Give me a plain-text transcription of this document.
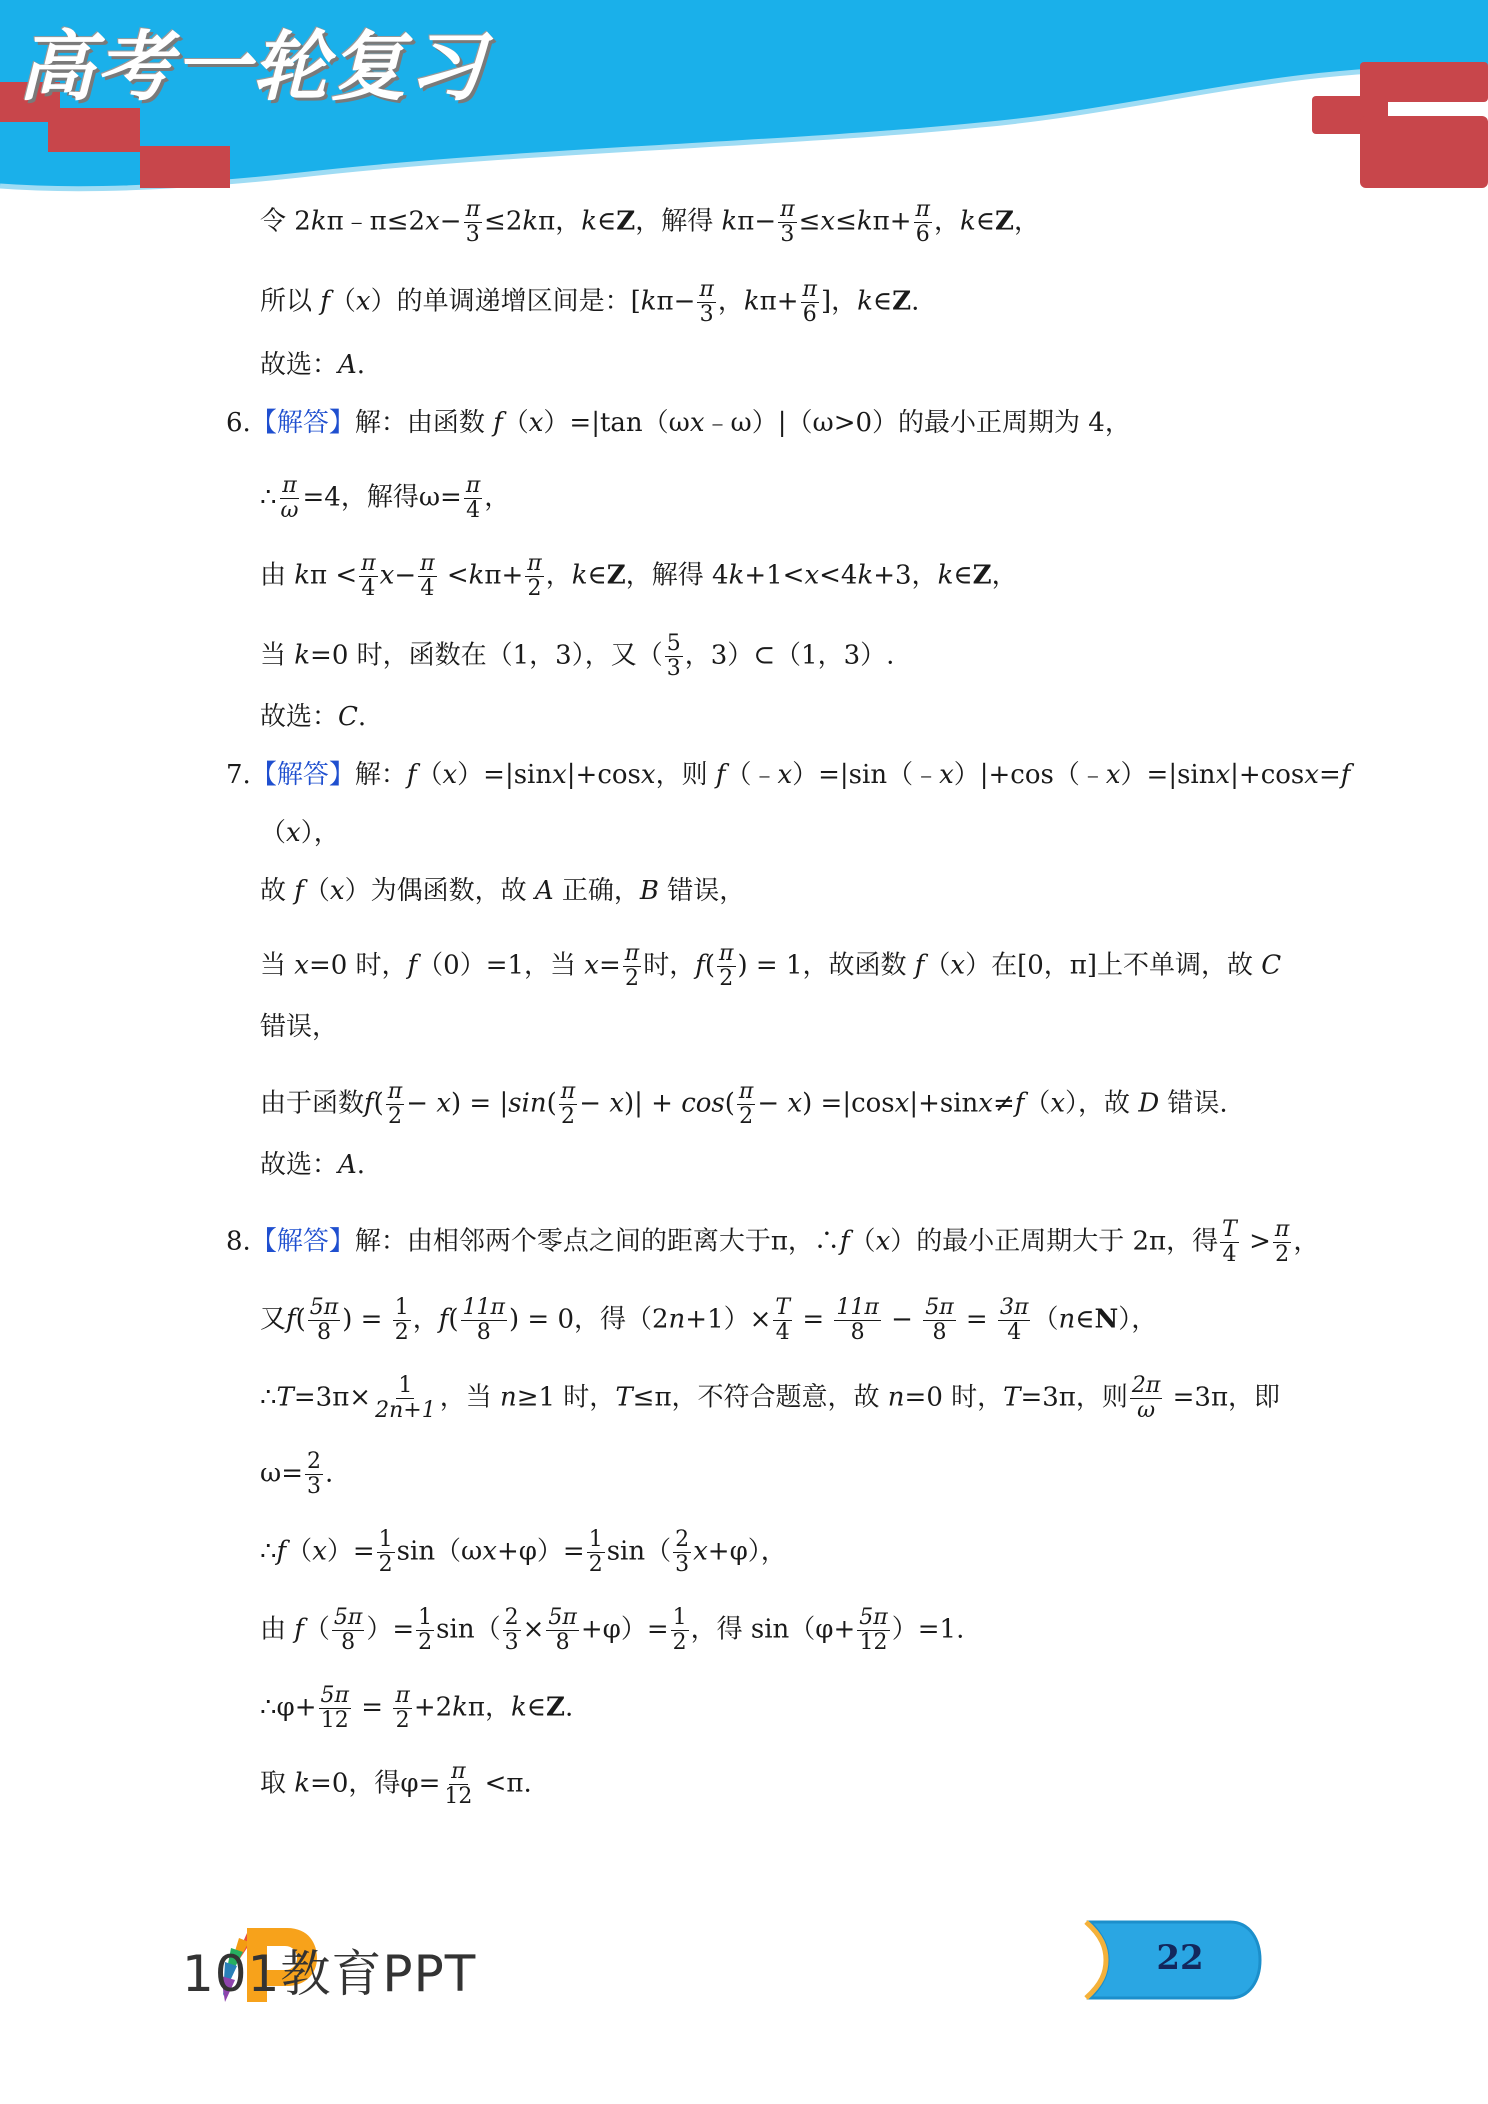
高考一轮复习
令 2kπ﹣π≤2x− $\frac{\pi}{3} \le 2k\pi$，k∈Z，解得 $k\pi- \frac{\pi}{3} \le x\le k\pi+ \frac{\pi}{6}$ ，k∈Z，
所以 f（x）的单调递增区间是：[$k\pi- \frac{\pi}{3}$ ，$k\pi+ \frac{\pi}{6}$ ]，k∈Z.
故选：A.
6.【解答】解：由函数 f（x）=|tan（ωx﹣ω）|（ω>0）的最小正周期为 4，
∴ $\frac{\pi}{\omega} =4$，解得$\omega= \frac{\pi}{4}$ ，
由 $k\pi < \frac{\pi}{4} x- \frac{\pi}{4} <k\pi+ \frac{\pi}{2}$ ，k∈Z，解得 4k+1<x<4k+3，k∈Z，
当 k=0 时，函数在（1，3），又（ $\frac{5}{3}$ ，3）⊂（1，3）.
故选：C.
7.【解答】解：f（x）=|sinx|+cosx，则 f（﹣x）=|sin（﹣x）|+cos（﹣x）=|sinx|+cosx=f
（x），
故 f（x）为偶函数，故 A 正确，B 错误，
当 x=0 时，f（0）=1，当 $x= \frac{\pi}{2}$ 时，$f( \frac{\pi}{2}$ ) = 1，故函数 f（x）在[0，π]上不单调，故 C
错误，
由于函数$f( \frac{\pi}{2} - x) = |\sin( \frac{\pi}{2} - x)| + \cos( \frac{\pi}{2} - x) =|\cos x|+\sin x\ne f(x)$，故 D 错误.
故选：A.
8.【解答】解：由相邻两个零点之间的距离大于π，∴f（x）的最小正周期大于 2π，得 $\frac{T}{4} > \frac{\pi}{2}$ ，
又$f( \frac{5\pi}{8}$ ) = $\frac{1}{2}$ ，$f( \frac{11\pi}{8}$ ) = 0，得$(2n+1)\times \frac{T}{4} = \frac{11\pi}{8} - \frac{5\pi}{8} = \frac{3\pi}{4}$ （n∈N），
∴T=3π× $\frac{1}{2n+1}$ ，当 n≥1 时，T≤π，不符合题意，故 n=0 时，T=3π，则 $\frac{2\pi}{\omega} =3\pi$，即
$\omega= \frac{2}{3}$ .
∴f（x）= $\frac{1}{2} \sin(\omega x+\varphi)= \frac{1}{2} \sin( \frac{2}{3} x+\varphi)$，
由 $f( \frac{5\pi}{8}$ ）= $\frac{1}{2} \sin( \frac{2}{3} \times \frac{5\pi}{8} +\varphi)= \frac{1}{2}$ ，得 $\sin(\varphi+ \frac{5\pi}{12} )=1$.
∴φ+ $\frac{5\pi}{12} = \frac{\pi}{2} +2k\pi$，k∈Z.
取 k=0，得$\varphi= \frac{\pi}{12} <\pi$.
101教育PPT	22
